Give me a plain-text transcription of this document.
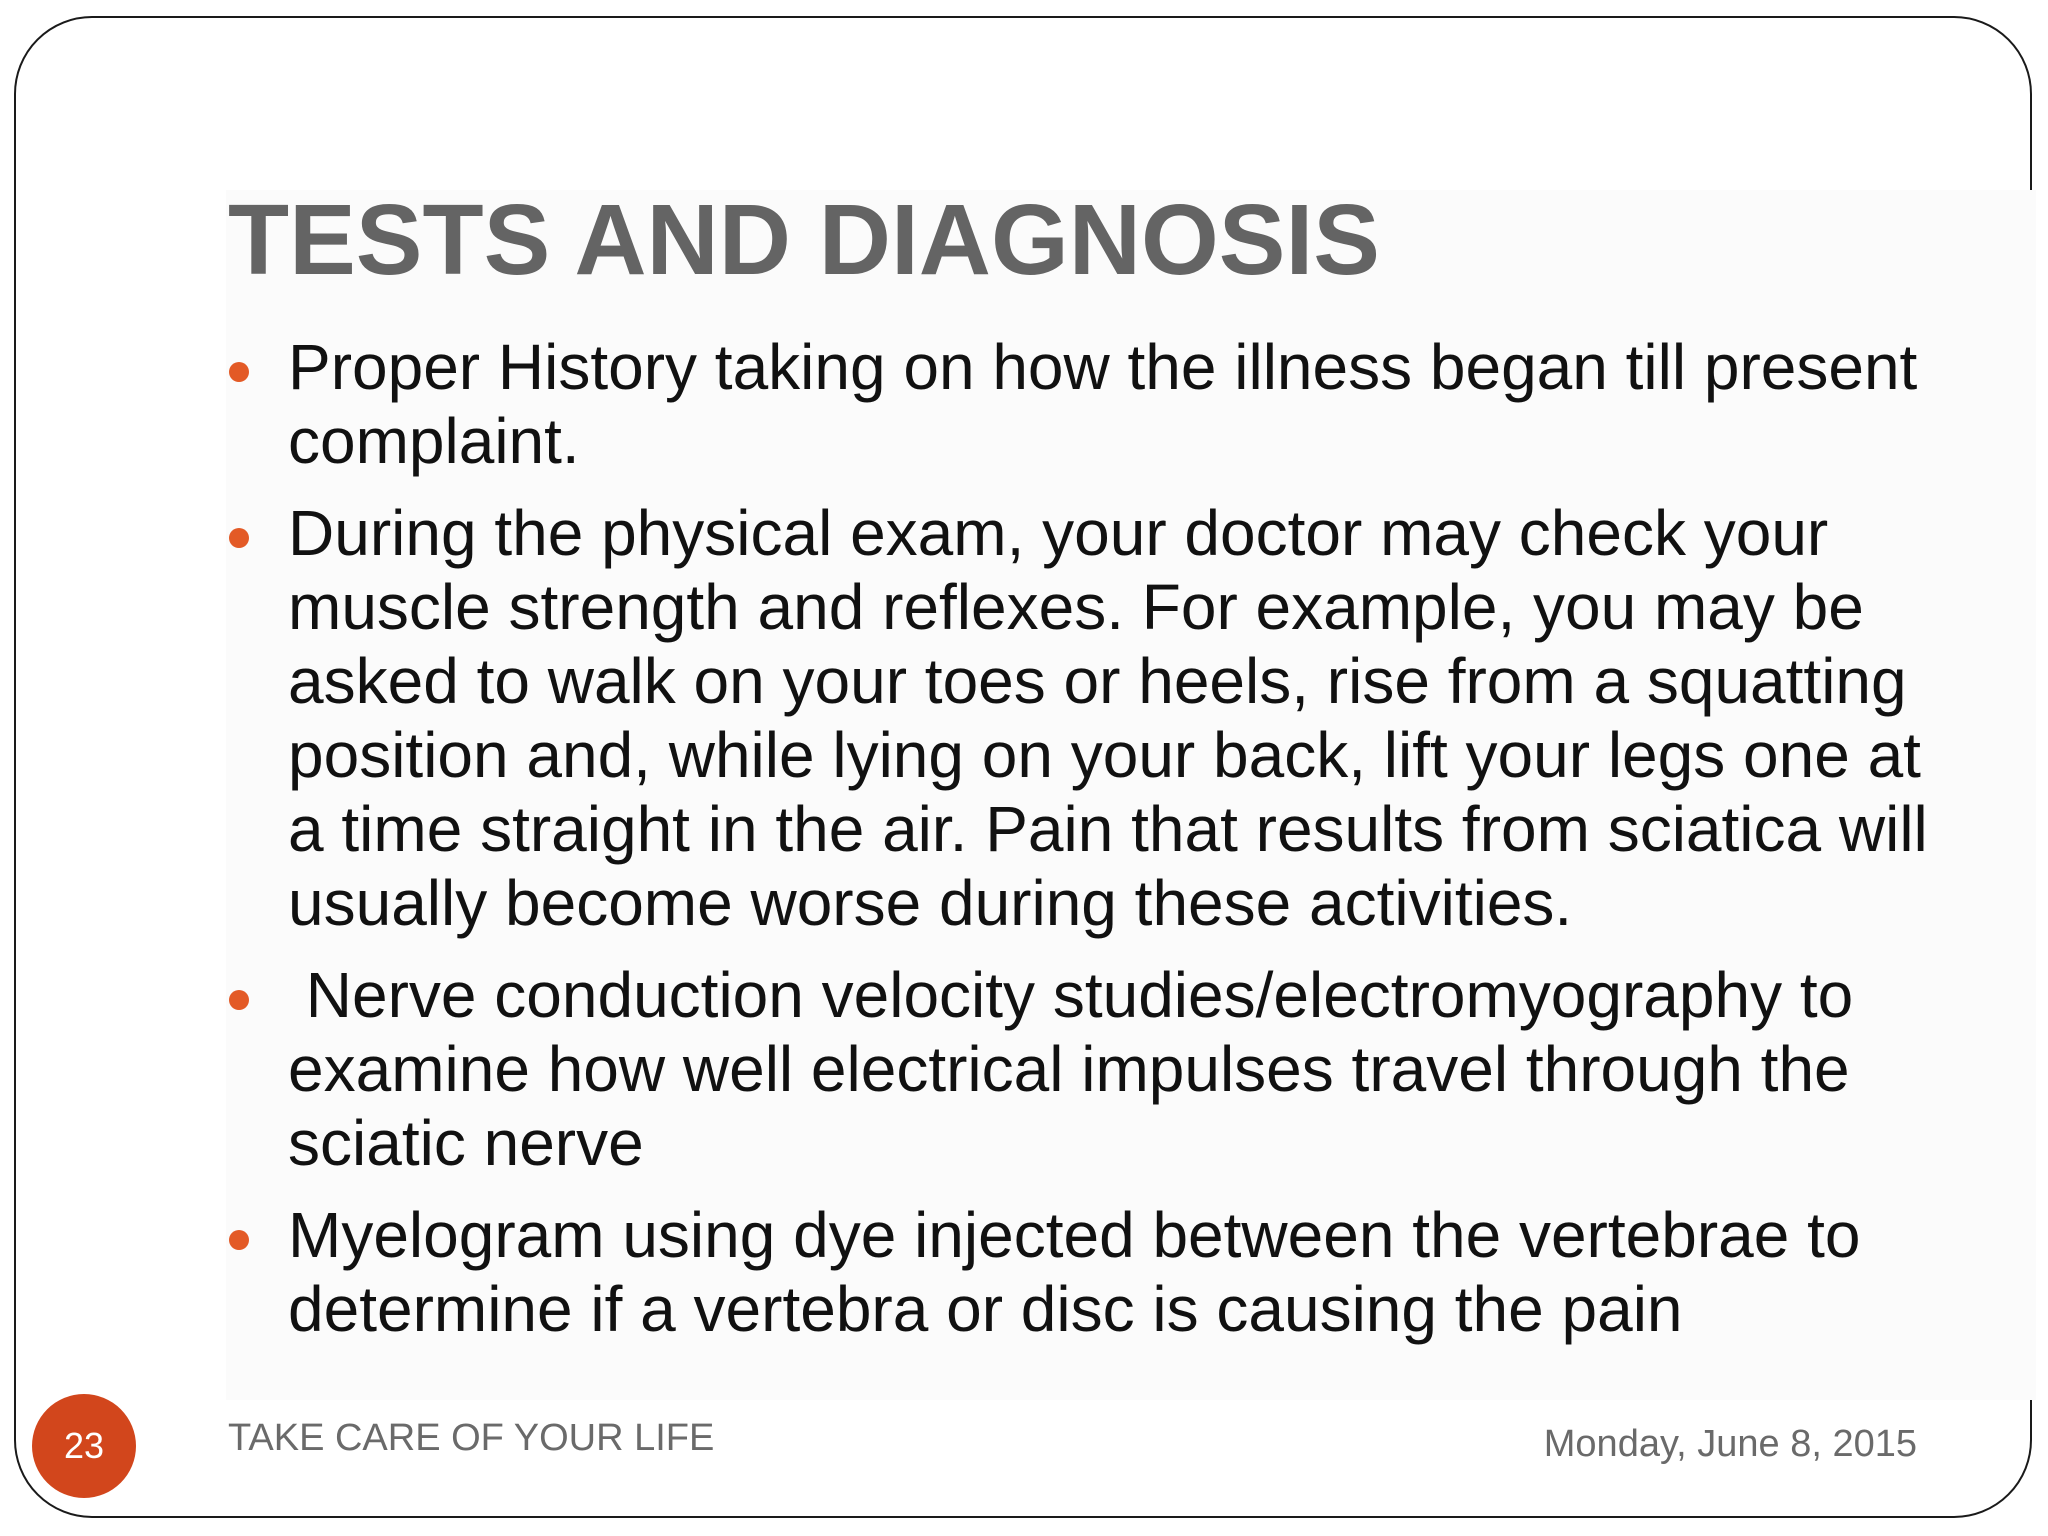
TESTS AND DIAGNOSIS
Proper History taking on how the illness began till present complaint.
During the physical exam, your doctor may check your muscle strength and reflexes. For example, you may be asked to walk on your toes or heels, rise from a squatting position and, while lying on your back, lift your legs one at a time straight in the air. Pain that results from sciatica will usually become worse during these activities.
Nerve conduction velocity studies/electromyography to examine how well electrical impulses travel through the sciatic nerve
Myelogram using dye injected between the vertebrae to determine if a vertebra or disc is causing the pain
23	TAKE CARE OF YOUR LIFE	Monday, June 8, 2015
